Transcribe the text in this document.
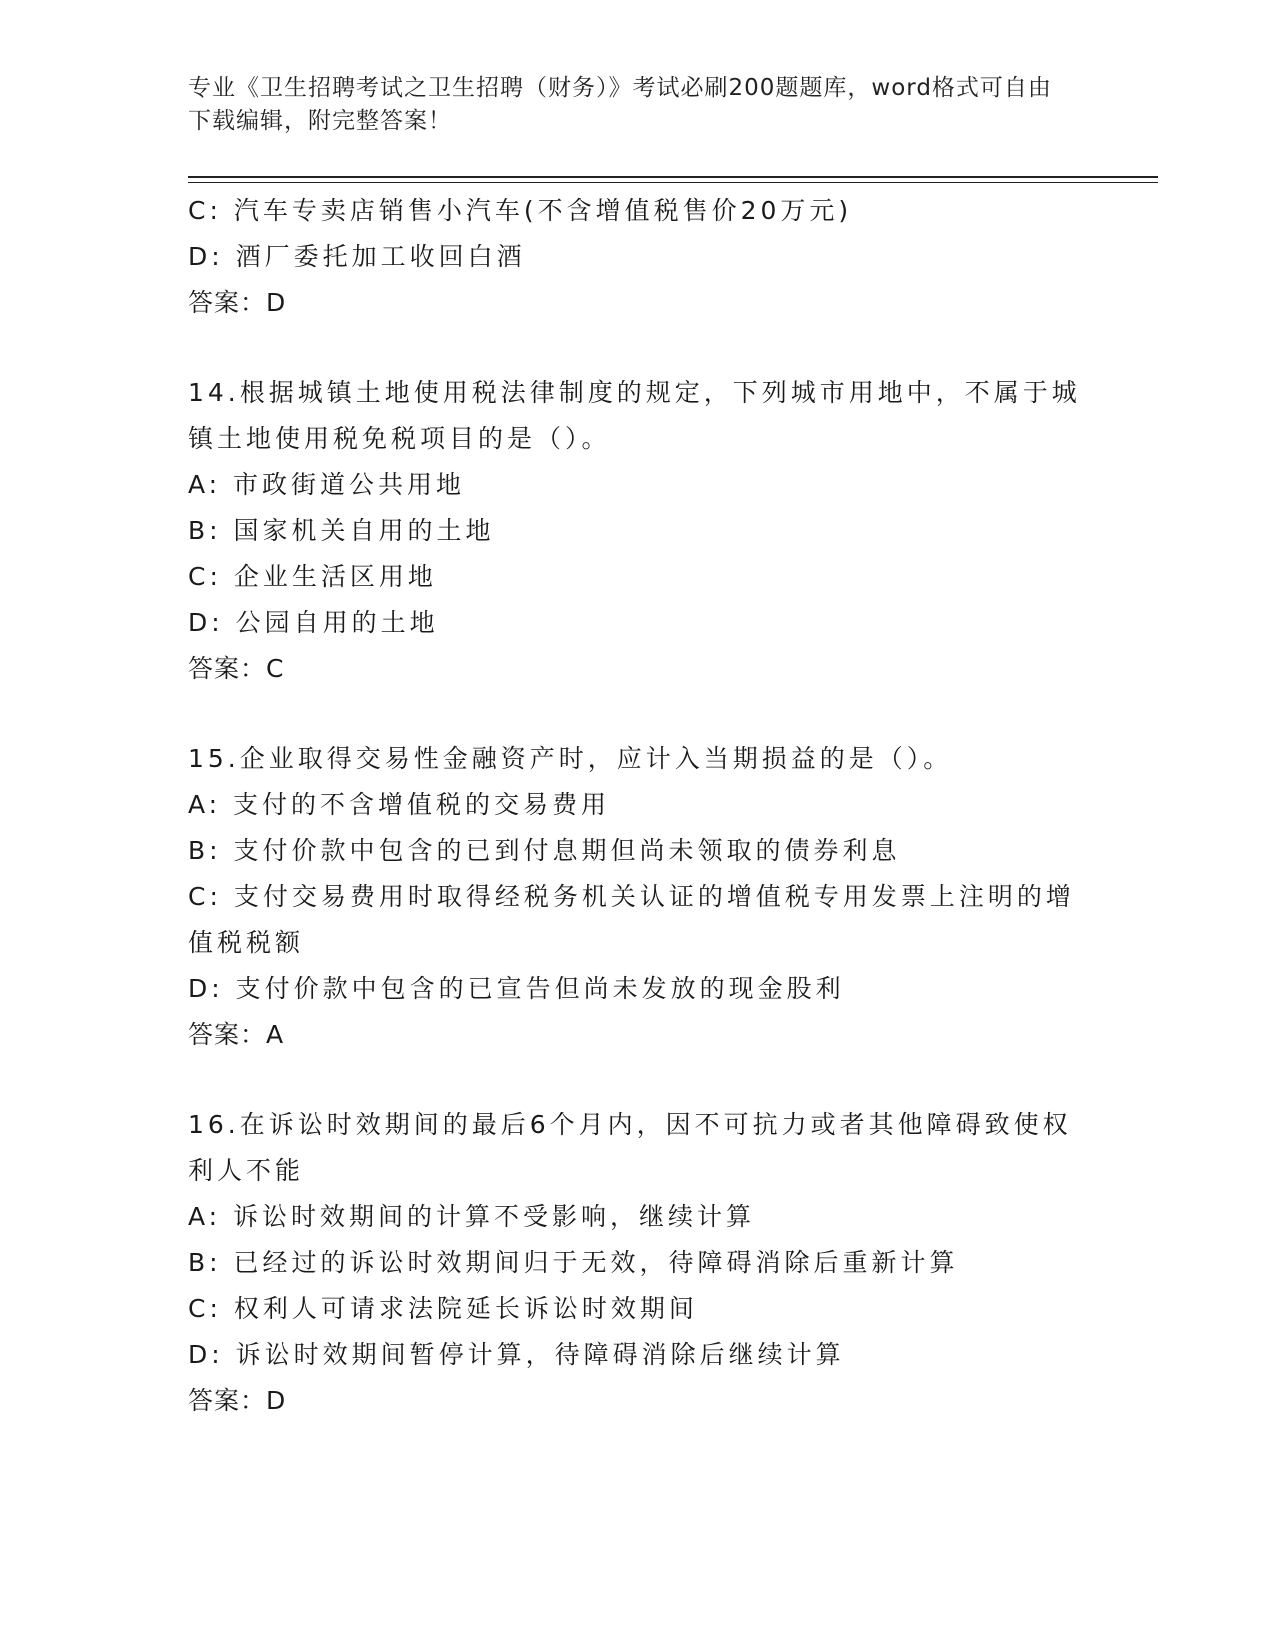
专业《卫生招聘考试之卫生招聘（财务）》考试必刷200题题库，word格式可自由下载编辑，附完整答案！

C: 汽车专卖店销售小汽车(不含增值税售价20万元)

D: 酒厂委托加工收回白酒

答案：D

14.根据城镇土地使用税法律制度的规定，下列城市用地中，不属于城镇土地使用税免税项目的是（）。

A: 市政街道公共用地

B: 国家机关自用的土地

C: 企业生活区用地

D: 公园自用的土地

答案：C

15.企业取得交易性金融资产时，应计入当期损益的是（）。

A: 支付的不含增值税的交易费用

B: 支付价款中包含的已到付息期但尚未领取的债券利息

C: 支付交易费用时取得经税务机关认证的增值税专用发票上注明的增值税税额

D: 支付价款中包含的已宣告但尚未发放的现金股利

答案：A

16.在诉讼时效期间的最后6个月内，因不可抗力或者其他障碍致使权利人不能

A: 诉讼时效期间的计算不受影响，继续计算

B: 已经过的诉讼时效期间归于无效，待障碍消除后重新计算

C: 权利人可请求法院延长诉讼时效期间

D: 诉讼时效期间暂停计算，待障碍消除后继续计算

答案：D
